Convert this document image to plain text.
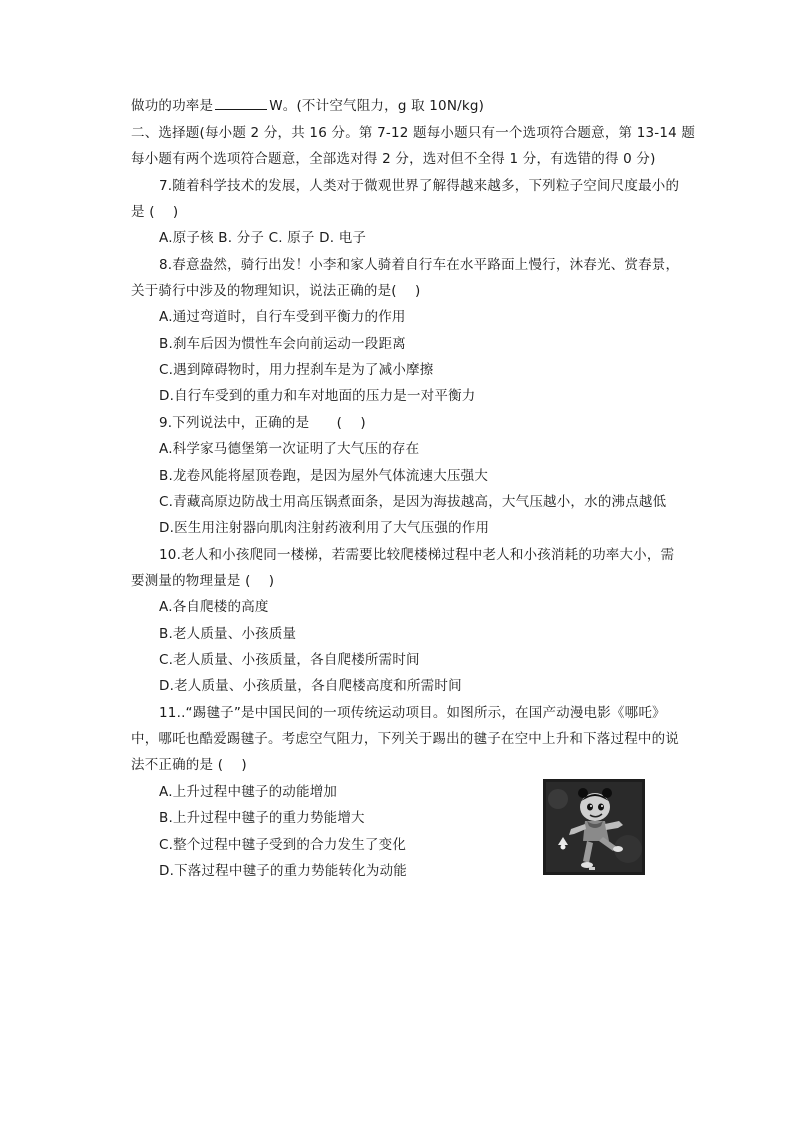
做功的功率是	W。(不计空气阻力，g 取 10N/kg)
二、选择题(每小题 2 分，共 16 分。第 7-12 题每小题只有一个选项符合题意，第 13-14 题
每小题有两个选项符合题意，全部选对得 2 分，选对但不全得 1 分，有选错的得 0 分)
7.随着科学技术的发展，人类对于微观世界了解得越来越多，下列粒子空间尺度最小的
是 (　 )
A.原子核 B. 分子 C. 原子 D. 电子
8.春意盎然，骑行出发！小李和家人骑着自行车在水平路面上慢行，沐春光、赏春景，
关于骑行中涉及的物理知识，说法正确的是(　 )
A.通过弯道时，自行车受到平衡力的作用
B.刹车后因为惯性车会向前运动一段距离
C.遇到障碍物时，用力捏刹车是为了减小摩擦
D.自行车受到的重力和车对地面的压力是一对平衡力
9.下列说法中，正确的是　　(　 )
A.科学家马德堡第一次证明了大气压的存在
B.龙卷风能将屋顶卷跑，是因为屋外气体流速大压强大
C.青藏高原边防战士用高压锅煮面条，是因为海拔越高，大气压越小，水的沸点越低
D.医生用注射器向肌肉注射药液利用了大气压强的作用
10.老人和小孩爬同一楼梯，若需要比较爬楼梯过程中老人和小孩消耗的功率大小，需
要测量的物理量是 (　 )
A.各自爬楼的高度
B.老人质量、小孩质量
C.老人质量、小孩质量，各自爬楼所需时间
D.老人质量、小孩质量，各自爬楼高度和所需时间
11..“踢毽子”是中国民间的一项传统运动项目。如图所示，在国产动漫电影《哪吒》
中，哪吒也酷爱踢毽子。考虑空气阻力，下列关于踢出的毽子在空中上升和下落过程中的说
法不正确的是 (　 )
A.上升过程中毽子的动能增加
B.上升过程中毽子的重力势能增大
C.整个过程中毽子受到的合力发生了变化
D.下落过程中毽子的重力势能转化为动能
